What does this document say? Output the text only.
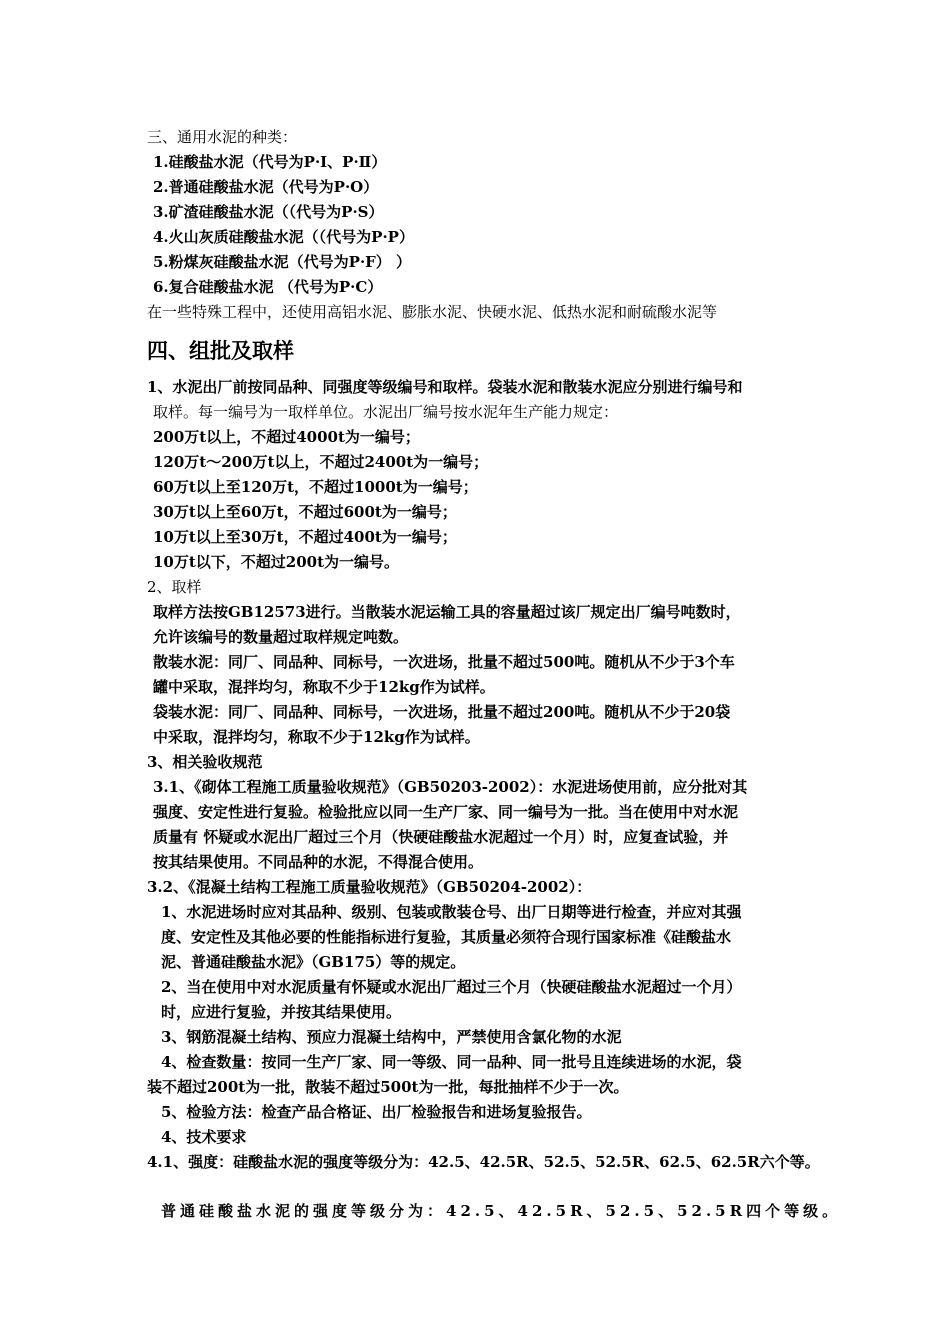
三、通用水泥的种类：
1.硅酸盐水泥（代号为P·Ⅰ、P·Ⅱ）
2.普通硅酸盐水泥（代号为P·O）
3.矿渣硅酸盐水泥（（代号为P·S）
4.火山灰质硅酸盐水泥（（代号为P·P）
5.粉煤灰硅酸盐水泥（代号为P·F） ）
6.复合硅酸盐水泥 （代号为P·C）
在一些特殊工程中，还使用高铝水泥、膨胀水泥、快硬水泥、低热水泥和耐硫酸水泥等
四、组批及取样
1、水泥出厂前按同品种、同强度等级编号和取样。袋装水泥和散装水泥应分别进行编号和
取样。每一编号为一取样单位。水泥出厂编号按水泥年生产能力规定：
200万t以上，不超过4000t为一编号；
120万t～200万t以上，不超过2400t为一编号；
60万t以上至120万t，不超过1000t为一编号；
30万t以上至60万t，不超过600t为一编号；
10万t以上至30万t，不超过400t为一编号；
10万t以下，不超过200t为一编号。
2、取样
取样方法按GB12573进行。当散装水泥运输工具的容量超过该厂规定出厂编号吨数时，
允许该编号的数量超过取样规定吨数。
散装水泥：同厂、同品种、同标号，一次进场，批量不超过500吨。随机从不少于3个车
罐中采取，混拌均匀，称取不少于12kg作为试样。
袋装水泥：同厂、同品种、同标号，一次进场，批量不超过200吨。随机从不少于20袋
中采取，混拌均匀，称取不少于12kg作为试样。
3、相关验收规范
3.1、《砌体工程施工质量验收规范》（GB50203-2002）：水泥进场使用前，应分批对其
强度、安定性进行复验。检验批应以同一生产厂家、同一编号为一批。当在使用中对水泥
质量有 怀疑或水泥出厂超过三个月（快硬硅酸盐水泥超过一个月）时，应复查试验，并
按其结果使用。不同品种的水泥，不得混合使用。
3.2、《混凝土结构工程施工质量验收规范》（GB50204-2002）：
1、水泥进场时应对其品种、级别、包装或散装仓号、出厂日期等进行检查，并应对其强
度、安定性及其他必要的性能指标进行复验，其质量必须符合现行国家标准《硅酸盐水
泥、普通硅酸盐水泥》（GB175）等的规定。
2、当在使用中对水泥质量有怀疑或水泥出厂超过三个月（快硬硅酸盐水泥超过一个月）
时，应进行复验，并按其结果使用。
3、钢筋混凝土结构、预应力混凝土结构中，严禁使用含氯化物的水泥
4、检查数量：按同一生产厂家、同一等级、同一品种、同一批号且连续进场的水泥，袋
装不超过200t为一批，散装不超过500t为一批，每批抽样不少于一次。
5、检验方法：检查产品合格证、出厂检验报告和进场复验报告。
4、技术要求
4.1、强度：硅酸盐水泥的强度等级分为：42.5、42.5R、52.5、52.5R、62.5、62.5R六个等。
普通硅酸盐水泥的强度等级分为：42.5、42.5R、52.5、52.5R四个等级。
